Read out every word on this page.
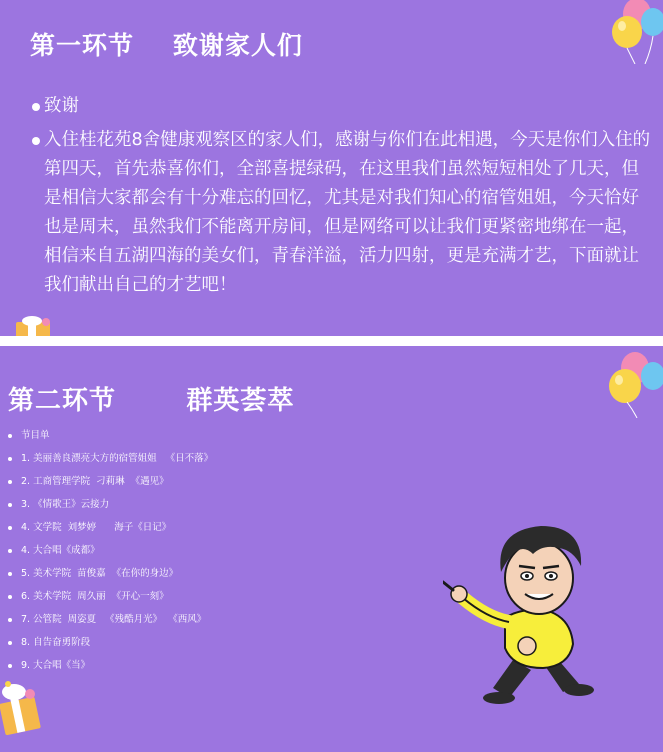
第一环节    致谢家人们
致谢
入住桂花苑8舍健康观察区的家人们，感谢与你们在此相遇，今天是你们入住的第四天，首先恭喜你们，全部喜提绿码，在这里我们虽然短短相处了几天，但是相信大家都会有十分难忘的回忆，尤其是对我们知心的宿管姐姐，今天恰好也是周末，虽然我们不能离开房间，但是网络可以让我们更紧密地绑在一起，相信来自五湖四海的美女们，青春洋溢，活力四射，更是充满才艺，下面就让我们献出自己的才艺吧！
第二环节       群英荟萃
节目单
1. 美丽善良漂亮大方的宿管姐姐   《日不落》
2. 工商管理学院  刁莉琳  《遇见》
3. 《情歌王》云接力
4. 文学院  刘梦婷      海子《日记》
4. 大合唱《成都》
5. 美术学院  苗俊嘉  《在你的身边》
6. 美术学院  周久丽  《开心一刻》
7. 公管院  周姿夏   《残酷月光》  《西风》
8. 自告奋勇阶段
9. 大合唱《当》
